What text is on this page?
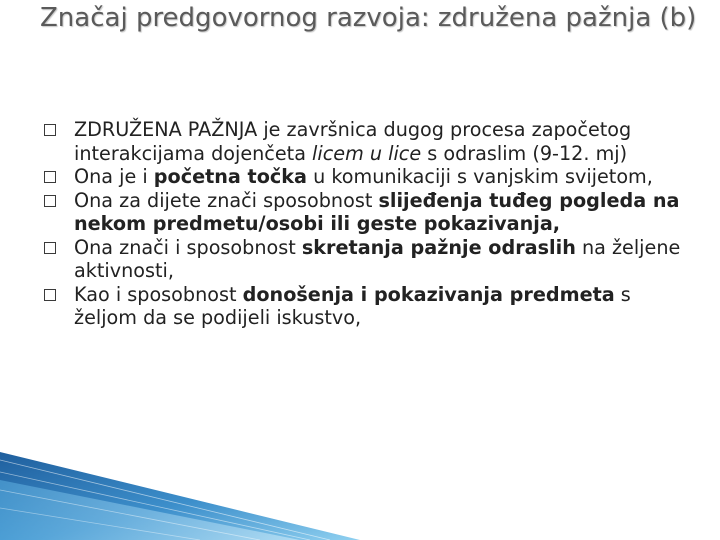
Značaj predgovornog razvoja: združena pažnja (b)
ZDRUŽENA PAŽNJA je završnica dugog procesa započetog interakcijama dojenčeta licem u lice s odraslim (9-12. mj)
Ona je i početna točka u komunikaciji s vanjskim svijetom,
Ona za dijete znači sposobnost slijeđenja tuđeg pogleda na nekom predmetu/osobi ili geste pokazivanja,
Ona znači i sposobnost skretanja pažnje odraslih na željene aktivnosti,
Kao i sposobnost donošenja i pokazivanja predmeta s željom da se podijeli iskustvo,
